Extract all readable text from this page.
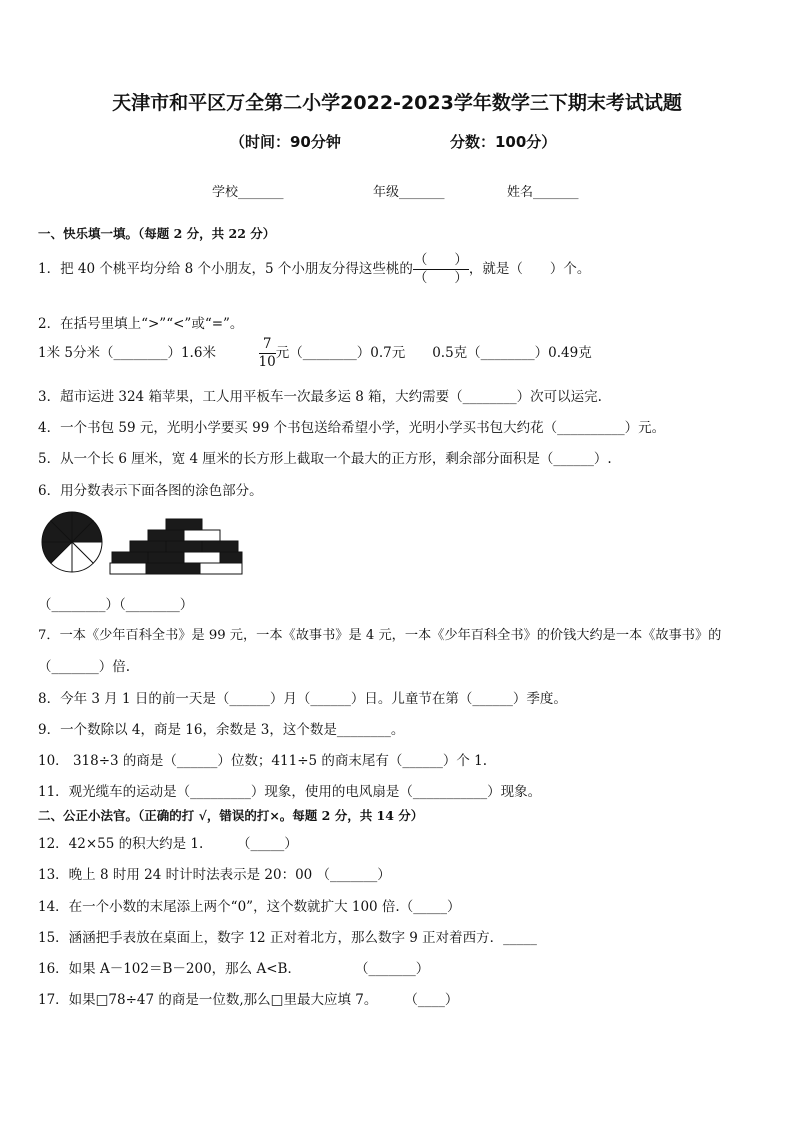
天津市和平区万全第二小学2022-2023学年数学三下期末考试试题
（时间：90分钟	分数：100分）
学校_______	年级_______	姓名_______
一、快乐填一填。（每题 2 分，共 22 分）
1．把 40 个桃平均分给 8 个小朋友，5 个小朋友分得这些桃的 $\frac{( )}{( )}$ ，就是（　　）个。
2．在括号里填上“>”“<”或“=”。
1米 5分米（________）1.6米	$\frac{7}{10}$ 元（________）0.7元　　0.5克（________）0.49克
3．超市运进 324 箱苹果，工人用平板车一次最多运 8 箱，大约需要（________）次可以运完.
4．一个书包 59 元，光明小学要买 99 个书包送给希望小学，光明小学买书包大约花（__________）元。
5．从一个长 6 厘米，宽 4 厘米的长方形上截取一个最大的正方形，剩余部分面积是（______）.
6．用分数表示下面各图的涂色部分。
（________）（________）
7．一本《少年百科全书》是 99 元，一本《故事书》是 4 元，一本《少年百科全书》的价钱大约是一本《故事书》的
（_______）倍.
8．今年 3 月 1 日的前一天是（______）月（______）日。儿童节在第（______）季度。
9．一个数除以 4，商是 16，余数是 3，这个数是________。
10． 318÷3 的商是（______）位数；411÷5 的商末尾有（______）个 1.
11．观光缆车的运动是（_________）现象，使用的电风扇是（___________）现象。
二、公正小法官。（正确的打 √，错误的打×。每题 2 分，共 14 分）
12．42×55 的积大约是 1.　　　（_____）
13．晚上 8 时用 24 时计时法表示是 20：00 （_______）
14．在一个小数的末尾添上两个“0”，这个数就扩大 100 倍.（_____）
15．涵涵把手表放在桌面上，数字 12 正对着北方，那么数字 9 正对着西方．_____
16．如果 A－102＝B－200，那么 A<B．　　　　　（_______）
17．如果□78÷47 的商是一位数,那么□里最大应填 7。　　　（____）
